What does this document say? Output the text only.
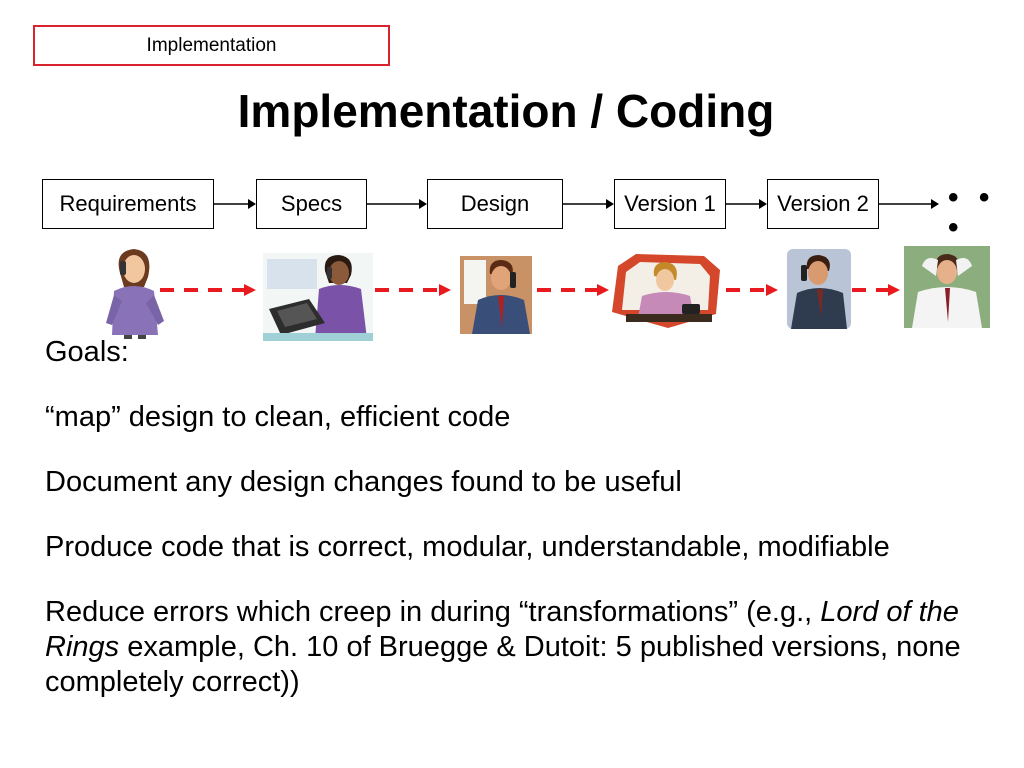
Implementation
Implementation / Coding
Requirements	Specs	Design	Version 1	Version 2	• • •

Goals:

“map” design to clean, efficient code

Document any design changes found to be useful

Produce code that is correct, modular, understandable, modifiable

Reduce errors which creep in during “transformations” (e.g., Lord of the Rings example, Ch. 10 of Bruegge & Dutoit: 5 published versions, none completely correct))
